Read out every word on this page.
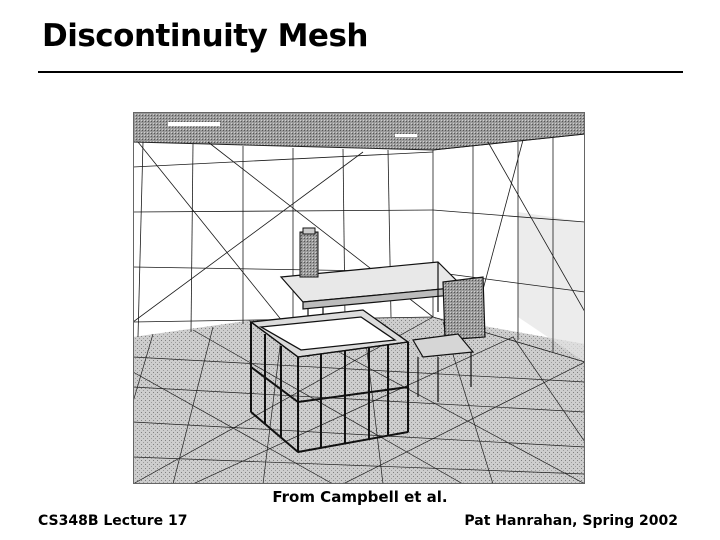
Discontinuity Mesh
From Campbell et al.
CS348B Lecture 17	Pat Hanrahan, Spring 2002
